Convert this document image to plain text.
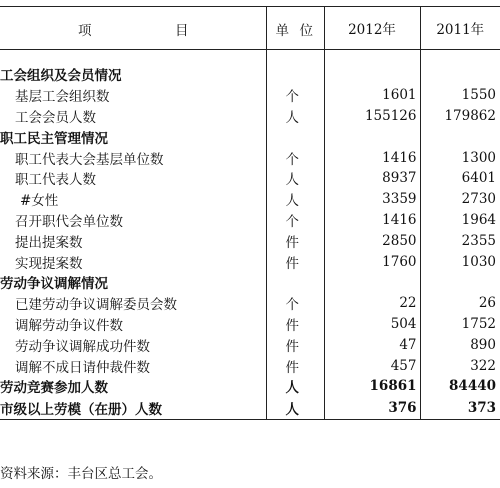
项 目	单 位	2012年	2011年

工会组织及会员情况			
基层工会组织数	个	1601	1550
工会会员人数	人	155126	179862
职工民主管理情况			
职工代表大会基层单位数	个	1416	1300
职工代表人数	人	8937	6401
#女性	人	3359	2730
召开职代会单位数	个	1416	1964
提出提案数	件	2850	2355
实现提案数	件	1760	1030
劳动争议调解情况			
已建劳动争议调解委员会数	个	22	26
调解劳动争议件数	件	504	1752
劳动争议调解成功件数	件	47	890
调解不成日请仲裁件数	件	457	322
劳动竞赛参加人数	人	16861	84440
市级以上劳模（在册）人数	人	376	373
资料来源：丰台区总工会。
